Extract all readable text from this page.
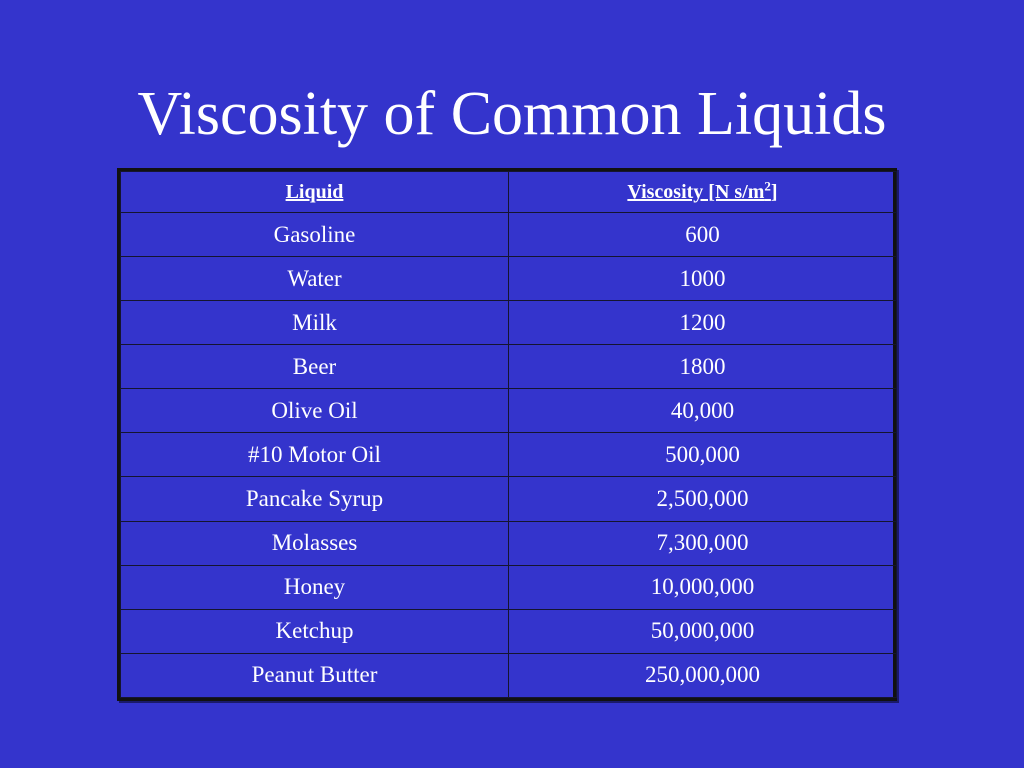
Viscosity of Common Liquids
Liquid	Viscosity [N $s/m^2$]
Gasoline	600
Water	1000
Milk	1200
Beer	1800
Olive Oil	40,000
#10 Motor Oil	500,000
Pancake Syrup	2,500,000
Molasses	7,300,000
Honey	10,000,000
Ketchup	50,000,000
Peanut Butter	250,000,000
